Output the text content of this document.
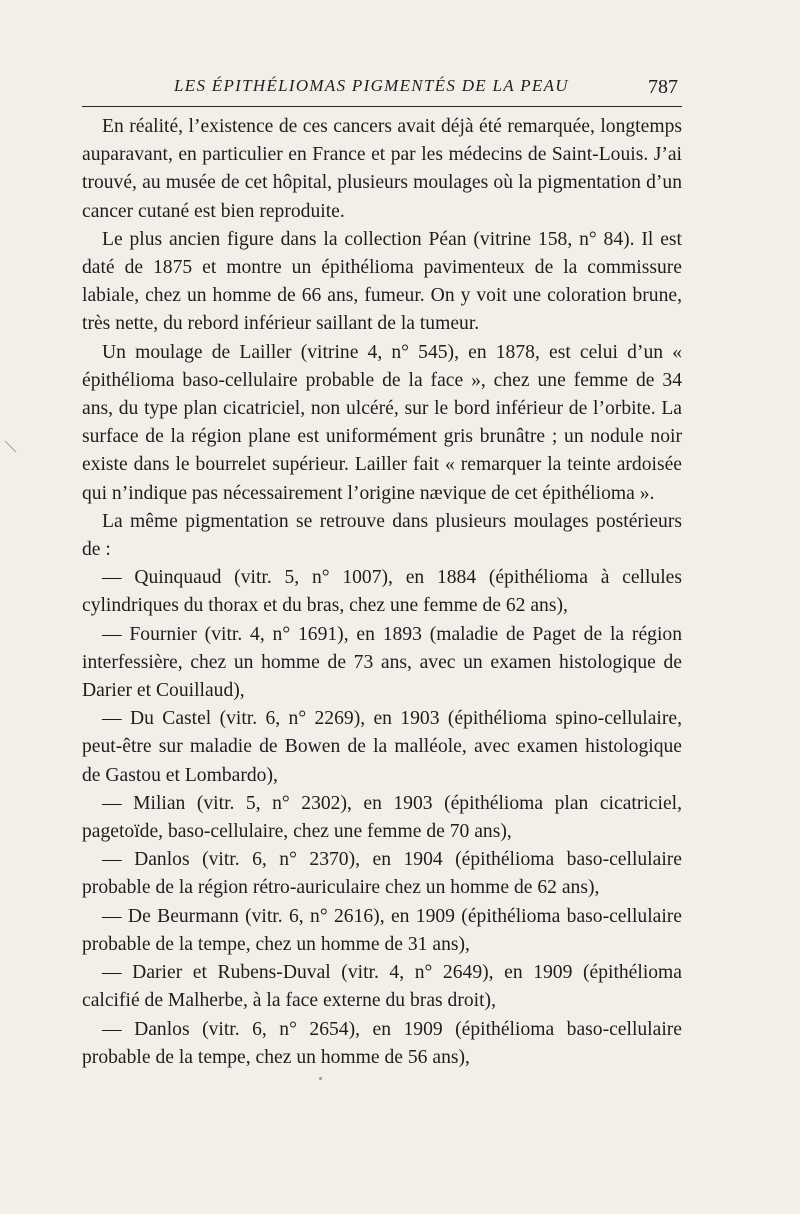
LES ÉPITHÉLIOMAS PIGMENTÉS DE LA PEAU	787

En réalité, l’existence de ces cancers avait déjà été remarquée, longtemps auparavant, en particulier en France et par les médecins de Saint-Louis. J’ai trouvé, au musée de cet hôpital, plusieurs moulages où la pigmentation d’un cancer cutané est bien reproduite.

Le plus ancien figure dans la collection Péan (vitrine 158, n° 84). Il est daté de 1875 et montre un épithélioma pavimenteux de la commissure labiale, chez un homme de 66 ans, fumeur. On y voit une coloration brune, très nette, du rebord inférieur saillant de la tumeur.

Un moulage de Lailler (vitrine 4, n° 545), en 1878, est celui d’un « épithélioma baso-cellulaire probable de la face », chez une femme de 34 ans, du type plan cicatriciel, non ulcéré, sur le bord inférieur de l’orbite. La surface de la région plane est uniformément gris brunâtre ; un nodule noir existe dans le bourrelet supérieur. Lailler fait « remarquer la teinte ardoisée qui n’indique pas nécessairement l’origine nævique de cet épithélioma ».

La même pigmentation se retrouve dans plusieurs moulages postérieurs de :

— Quinquaud (vitr. 5, n° 1007), en 1884 (épithélioma à cellules cylindriques du thorax et du bras, chez une femme de 62 ans),

— Fournier (vitr. 4, n° 1691), en 1893 (maladie de Paget de la région interfessière, chez un homme de 73 ans, avec un examen histologique de Darier et Couillaud),

— Du Castel (vitr. 6, n° 2269), en 1903 (épithélioma spino-cellulaire, peut-être sur maladie de Bowen de la malléole, avec examen histologique de Gastou et Lombardo),

— Milian (vitr. 5, n° 2302), en 1903 (épithélioma plan cicatriciel, pagetoïde, baso-cellulaire, chez une femme de 70 ans),

— Danlos (vitr. 6, n° 2370), en 1904 (épithélioma baso-cellulaire probable de la région rétro-auriculaire chez un homme de 62 ans),

— De Beurmann (vitr. 6, n° 2616), en 1909 (épithélioma baso-cellulaire probable de la tempe, chez un homme de 31 ans),

— Darier et Rubens-Duval (vitr. 4, n° 2649), en 1909 (épithélioma calcifié de Malherbe, à la face externe du bras droit),

— Danlos (vitr. 6, n° 2654), en 1909 (épithélioma baso-cellulaire probable de la tempe, chez un homme de 56 ans),
